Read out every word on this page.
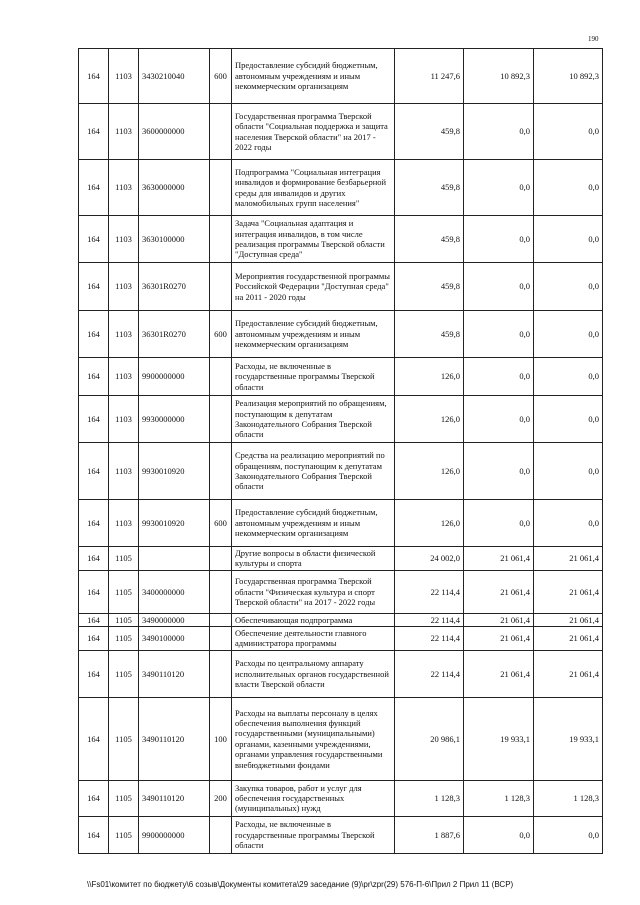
190
164	1103	3430210040	600	Предоставление субсидий бюджетным, автономным учреждениям и иным некоммерческим организациям	11 247,6	10 892,3	10 892,3
164	1103	3600000000		Государственная программа Тверской области "Социальная поддержка и защита населения Тверской области" на 2017 - 2022 годы	459,8	0,0	0,0
164	1103	3630000000		Подпрограмма "Социальная интеграция инвалидов и формирование безбарьерной среды для инвалидов и других маломобильных групп населения"	459,8	0,0	0,0
164	1103	3630100000		Задача "Социальная адаптация и интеграция инвалидов, в том числе реализация программы Тверской области "Доступная среда"	459,8	0,0	0,0
164	1103	36301R0270		Мероприятия государственной программы Российской Федерации "Доступная среда" на 2011 - 2020 годы	459,8	0,0	0,0
164	1103	36301R0270	600	Предоставление субсидий бюджетным, автономным учреждениям и иным некоммерческим организациям	459,8	0,0	0,0
164	1103	9900000000		Расходы, не включенные в государственные программы Тверской области	126,0	0,0	0,0
164	1103	9930000000		Реализация мероприятий по обращениям, поступающим к депутатам Законодательного Собрания Тверской области	126,0	0,0	0,0
164	1103	9930010920		Средства на реализацию мероприятий по обращениям, поступающим к депутатам Законодательного Собрания Тверской области	126,0	0,0	0,0
164	1103	9930010920	600	Предоставление субсидий бюджетным, автономным учреждениям и иным некоммерческим организациям	126,0	0,0	0,0
164	1105			Другие вопросы в области физической культуры и спорта	24 002,0	21 061,4	21 061,4
164	1105	3400000000		Государственная программа Тверской области "Физическая культура и спорт Тверской области" на 2017 - 2022 годы	22 114,4	21 061,4	21 061,4
164	1105	3490000000		Обеспечивающая подпрограмма	22 114,4	21 061,4	21 061,4
164	1105	3490100000		Обеспечение деятельности главного администратора программы	22 114,4	21 061,4	21 061,4
164	1105	3490110120		Расходы по центральному аппарату исполнительных органов государственной власти Тверской области	22 114,4	21 061,4	21 061,4
164	1105	3490110120	100	Расходы на выплаты персоналу в целях обеспечения выполнения функций государственными (муниципальными) органами, казенными учреждениями, органами управления государственными внебюджетными фондами	20 986,1	19 933,1	19 933,1
164	1105	3490110120	200	Закупка товаров, работ и услуг для обеспечения государственных (муниципальных) нужд	1 128,3	1 128,3	1 128,3
164	1105	9900000000		Расходы, не включенные в государственные программы Тверской области	1 887,6	0,0	0,0
\\Fs01\комитет по бюджету\6 созыв\Документы комитета\29 заседание (9)\pr\zpr(29) 576-П-6\Прил 2 Прил 11 (ВСР)
